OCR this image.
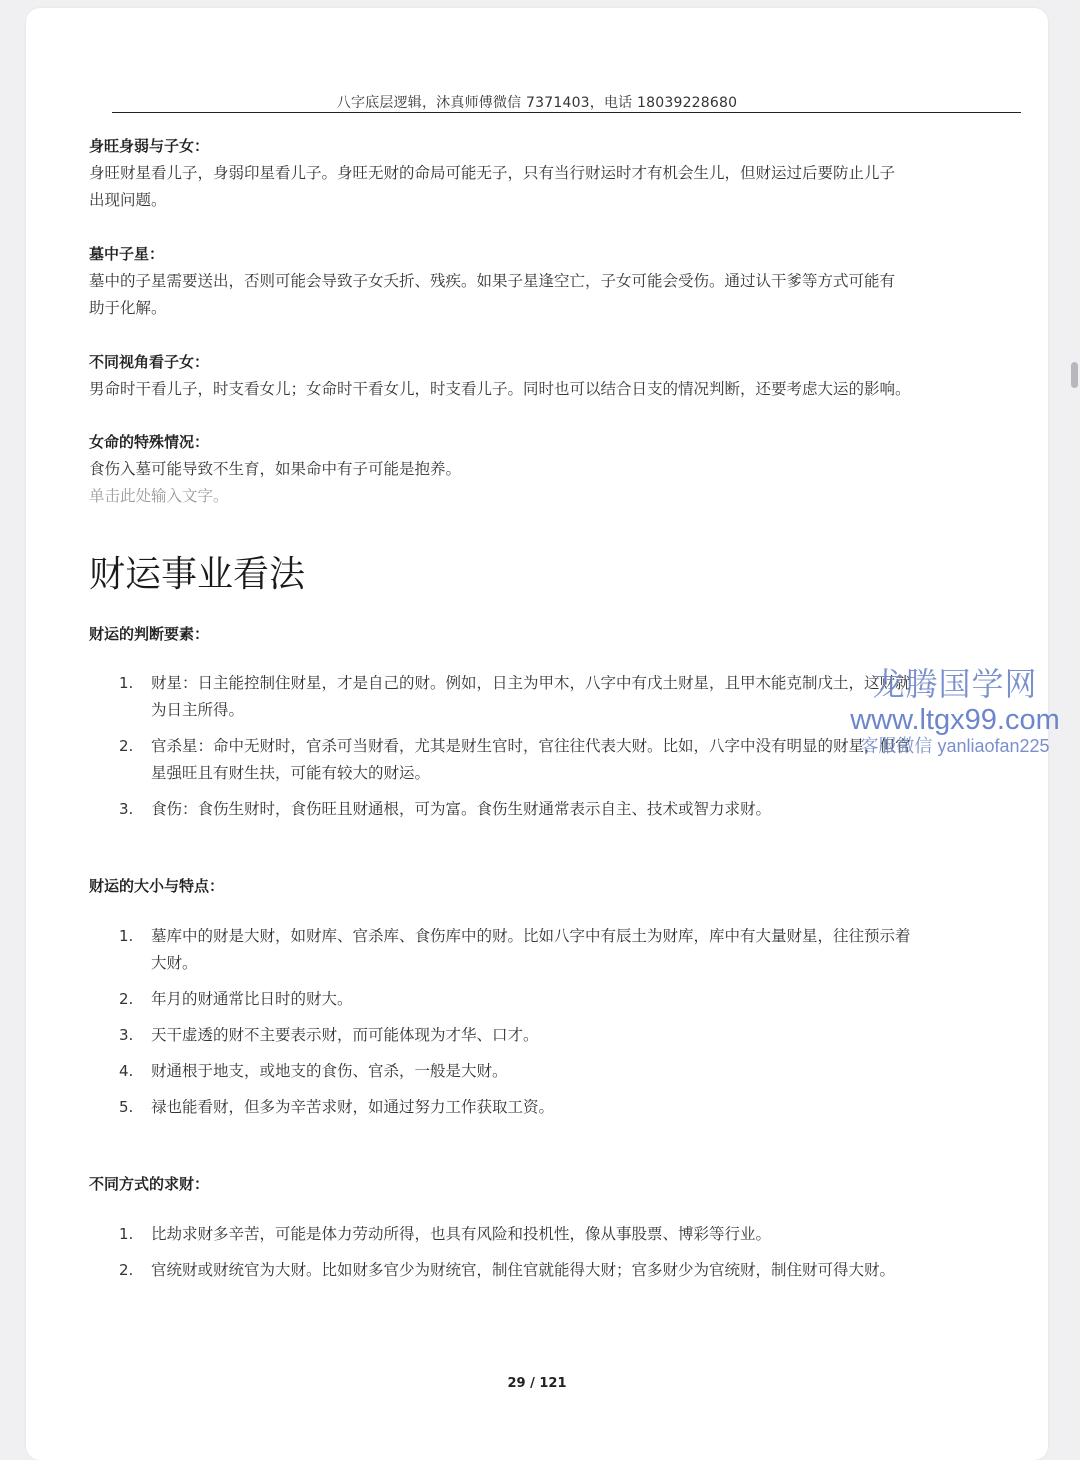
八字底层逻辑，沐真师傅微信 7371403，电话 18039228680
29 / 121

身旺身弱与子女：

身旺财星看儿子，身弱印星看儿子。身旺无财的命局可能无子，只有当行财运时才有机会生儿，但财运过后要防止儿子

出现问题。

墓中子星：

墓中的子星需要送出，否则可能会导致子女夭折、残疾。如果子星逢空亡，子女可能会受伤。通过认干爹等方式可能有

助于化解。

不同视角看子女：

男命时干看儿子，时支看女儿；女命时干看女儿，时支看儿子。同时也可以结合日支的情况判断，还要考虑大运的影响。

女命的特殊情况：

食伤入墓可能导致不生育，如果命中有子可能是抱养。

单击此处输入文字。

财运事业看法

财运的判断要素：

1. 财星：日主能控制住财星，才是自己的财。例如，日主为甲木，八字中有戊土财星，且甲木能克制戊土，这财就
为日主所得。
2. 官杀星：命中无财时，官杀可当财看，尤其是财生官时，官往往代表大财。比如，八字中没有明显的财星，但官
星强旺且有财生扶，可能有较大的财运。
3. 食伤：食伤生财时，食伤旺且财通根，可为富。食伤生财通常表示自主、技术或智力求财。

财运的大小与特点：

1. 墓库中的财是大财，如财库、官杀库、食伤库中的财。比如八字中有辰土为财库，库中有大量财星，往往预示着
大财。
2. 年月的财通常比日时的财大。
3. 天干虚透的财不主要表示财，而可能体现为才华、口才。
4. 财通根于地支，或地支的食伤、官杀，一般是大财。
5. 禄也能看财，但多为辛苦求财，如通过努力工作获取工资。

不同方式的求财：

1. 比劫求财多辛苦，可能是体力劳动所得，也具有风险和投机性，像从事股票、博彩等行业。
2. 官统财或财统官为大财。比如财多官少为财统官，制住官就能得大财；官多财少为官统财，制住财可得大财。
龙腾国学网
www.ltgx99.com
客服微信 yanliaofan225
